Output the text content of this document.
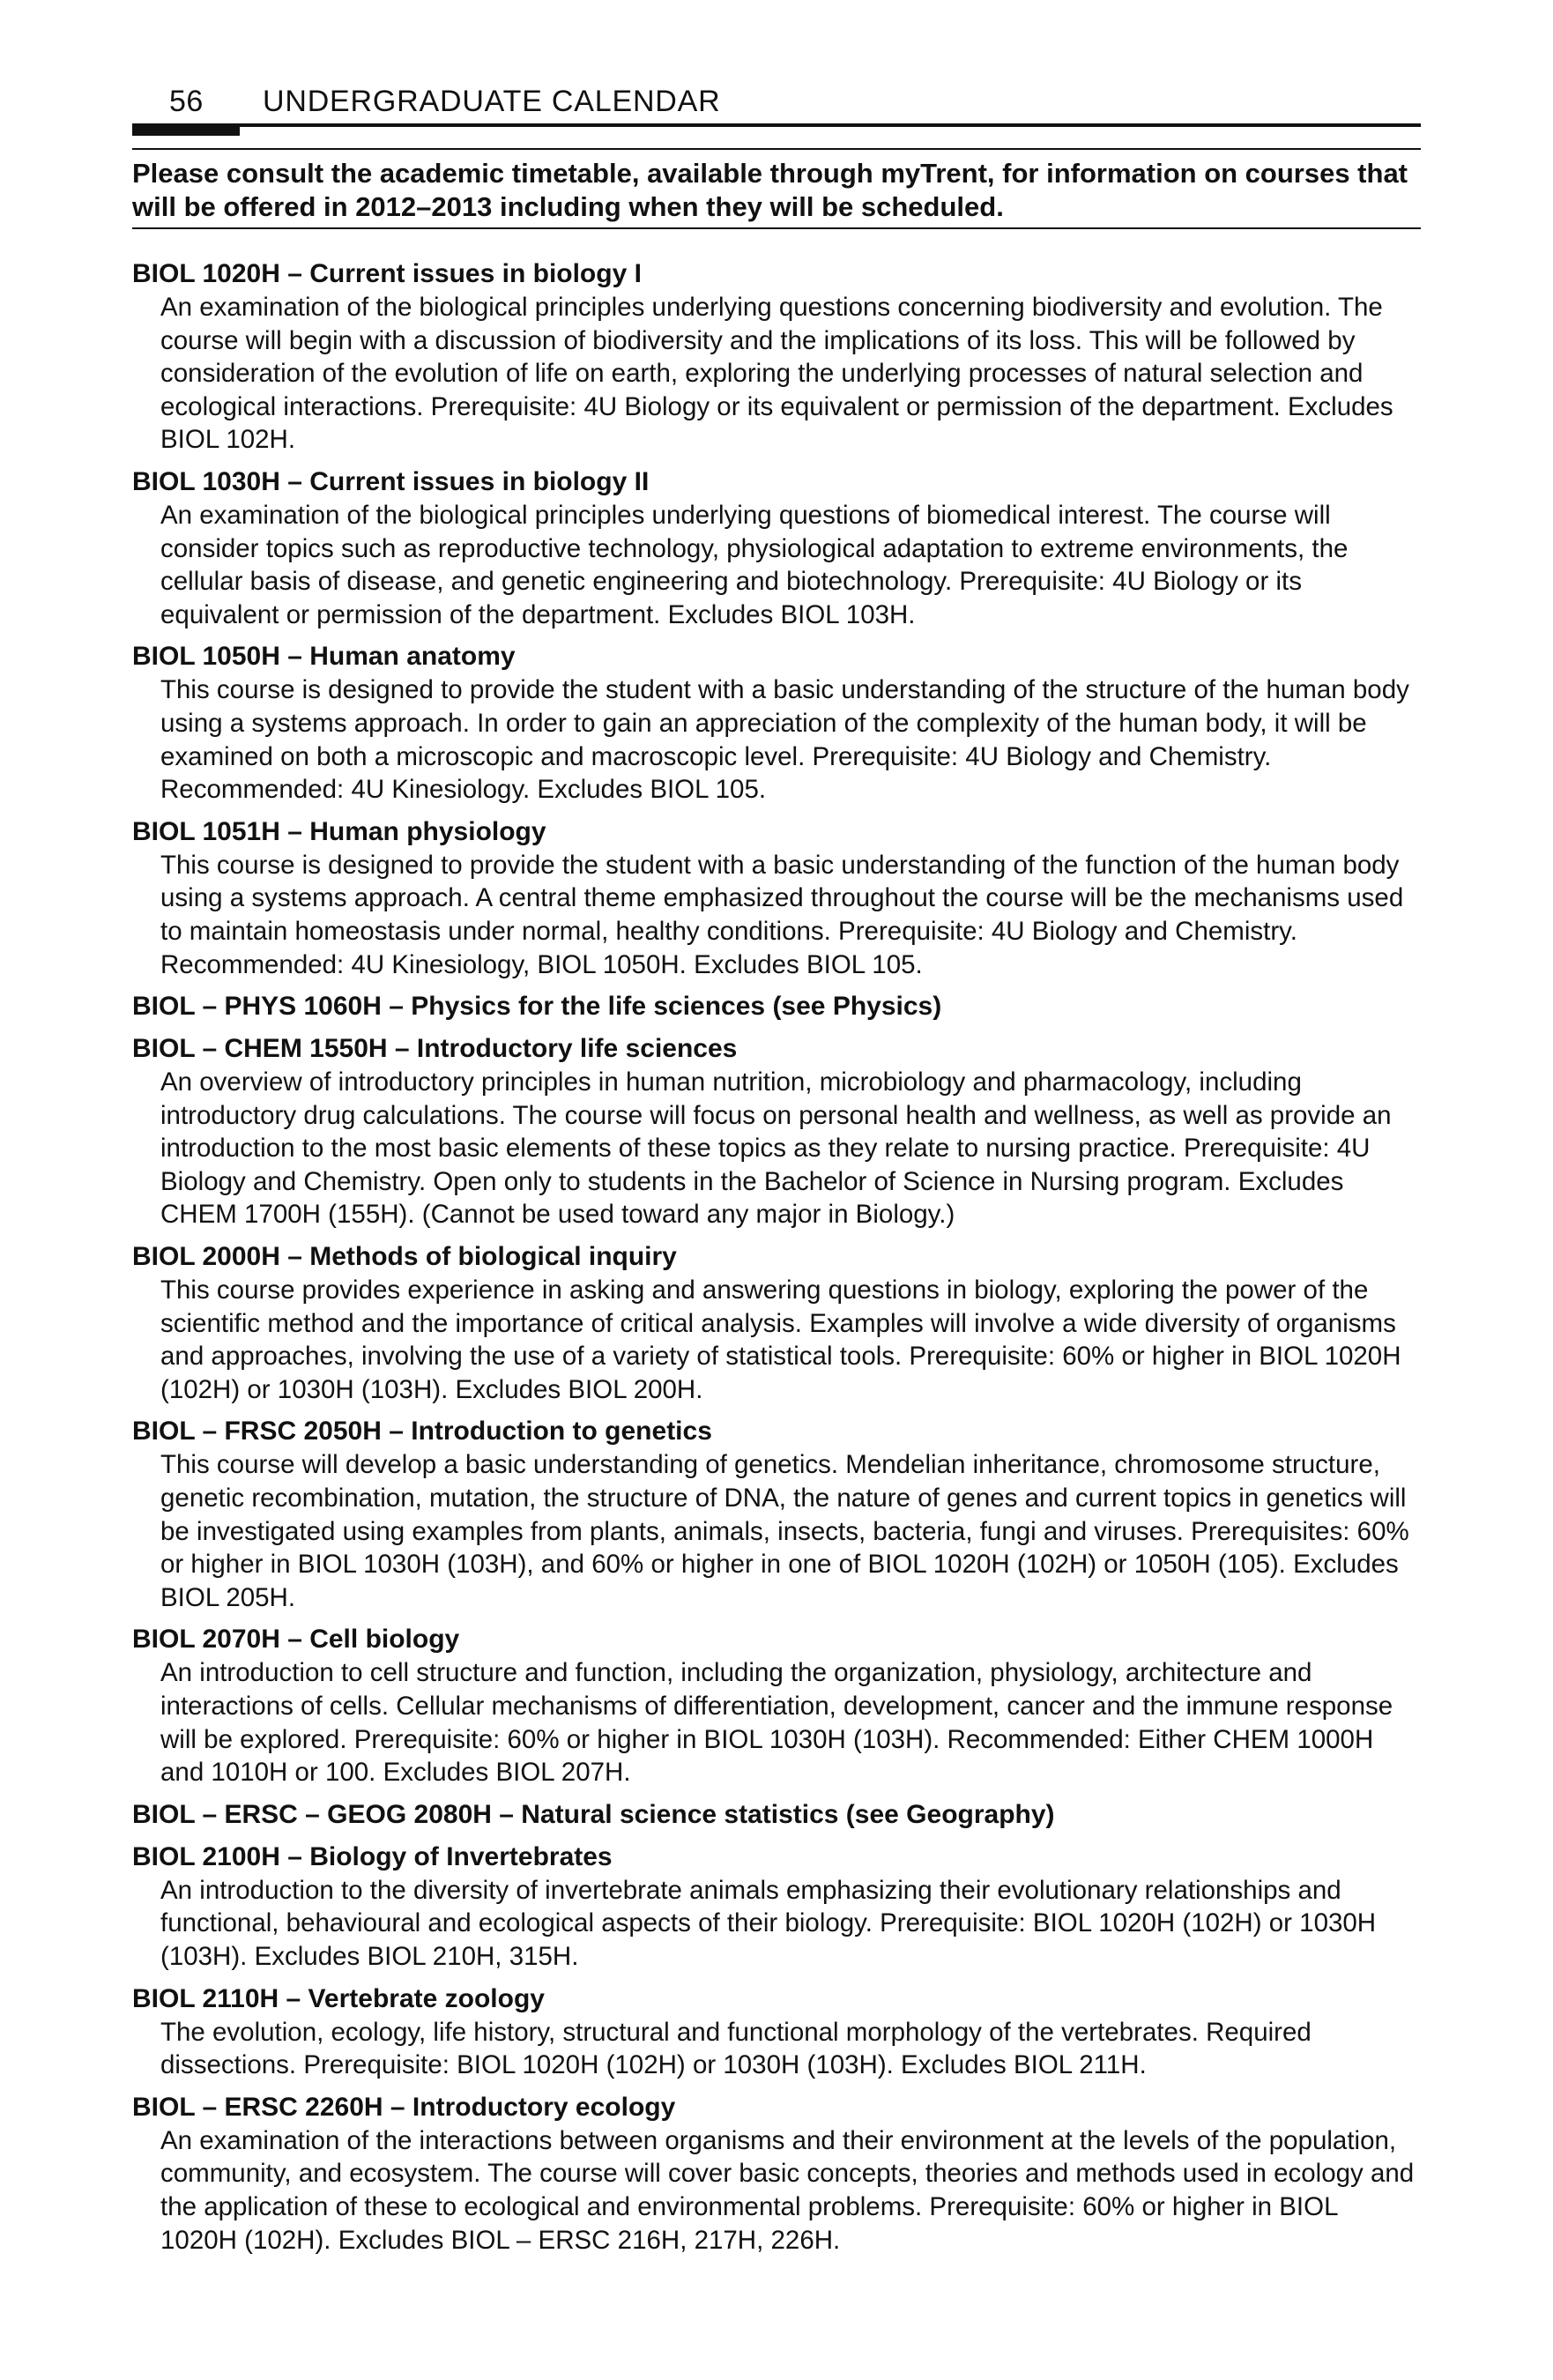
56 UNDERGRADUATE CALENDAR
Please consult the academic timetable, available through myTrent, for information on courses that will be offered in 2012–2013 including when they will be scheduled.
BIOL 1020H – Current issues in biology I
An examination of the biological principles underlying questions concerning biodiversity and evolution. The course will begin with a discussion of biodiversity and the implications of its loss. This will be followed by consideration of the evolution of life on earth, exploring the underlying processes of natural selection and ecological interactions. Prerequisite: 4U Biology or its equivalent or permission of the department. Excludes BIOL 102H.
BIOL 1030H – Current issues in biology II
An examination of the biological principles underlying questions of biomedical interest. The course will consider topics such as reproductive technology, physiological adaptation to extreme environments, the cellular basis of disease, and genetic engineering and biotechnology. Prerequisite: 4U Biology or its equivalent or permission of the department. Excludes BIOL 103H.
BIOL 1050H – Human anatomy
This course is designed to provide the student with a basic understanding of the structure of the human body using a systems approach. In order to gain an appreciation of the complexity of the human body, it will be examined on both a microscopic and macroscopic level. Prerequisite: 4U Biology and Chemistry. Recommended: 4U Kinesiology. Excludes BIOL 105.
BIOL 1051H – Human physiology
This course is designed to provide the student with a basic understanding of the function of the human body using a systems approach. A central theme emphasized throughout the course will be the mechanisms used to maintain homeostasis under normal, healthy conditions. Prerequisite: 4U Biology and Chemistry. Recommended: 4U Kinesiology, BIOL 1050H. Excludes BIOL 105.
BIOL – PHYS 1060H – Physics for the life sciences (see Physics)
BIOL – CHEM 1550H – Introductory life sciences
An overview of introductory principles in human nutrition, microbiology and pharmacology, including introductory drug calculations. The course will focus on personal health and wellness, as well as provide an introduction to the most basic elements of these topics as they relate to nursing practice. Prerequisite: 4U Biology and Chemistry. Open only to students in the Bachelor of Science in Nursing program. Excludes CHEM 1700H (155H). (Cannot be used toward any major in Biology.)
BIOL 2000H – Methods of biological inquiry
This course provides experience in asking and answering questions in biology, exploring the power of the scientific method and the importance of critical analysis. Examples will involve a wide diversity of organisms and approaches, involving the use of a variety of statistical tools. Prerequisite: 60% or higher in BIOL 1020H (102H) or 1030H (103H). Excludes BIOL 200H.
BIOL – FRSC 2050H – Introduction to genetics
This course will develop a basic understanding of genetics. Mendelian inheritance, chromosome structure, genetic recombination, mutation, the structure of DNA, the nature of genes and current topics in genetics will be investigated using examples from plants, animals, insects, bacteria, fungi and viruses. Prerequisites: 60% or higher in BIOL 1030H (103H), and 60% or higher in one of BIOL 1020H (102H) or 1050H (105). Excludes BIOL 205H.
BIOL 2070H – Cell biology
An introduction to cell structure and function, including the organization, physiology, architecture and interactions of cells. Cellular mechanisms of differentiation, development, cancer and the immune response will be explored. Prerequisite: 60% or higher in BIOL 1030H (103H). Recommended: Either CHEM 1000H and 1010H or 100. Excludes BIOL 207H.
BIOL – ERSC – GEOG 2080H – Natural science statistics (see Geography)
BIOL 2100H – Biology of Invertebrates
An introduction to the diversity of invertebrate animals emphasizing their evolutionary relationships and functional, behavioural and ecological aspects of their biology. Prerequisite: BIOL 1020H (102H) or 1030H (103H). Excludes BIOL 210H, 315H.
BIOL 2110H – Vertebrate zoology
The evolution, ecology, life history, structural and functional morphology of the vertebrates. Required dissections. Prerequisite: BIOL 1020H (102H) or 1030H (103H). Excludes BIOL 211H.
BIOL – ERSC 2260H – Introductory ecology
An examination of the interactions between organisms and their environment at the levels of the population, community, and ecosystem. The course will cover basic concepts, theories and methods used in ecology and the application of these to ecological and environmental problems. Prerequisite: 60% or higher in BIOL 1020H (102H). Excludes BIOL – ERSC 216H, 217H, 226H.
